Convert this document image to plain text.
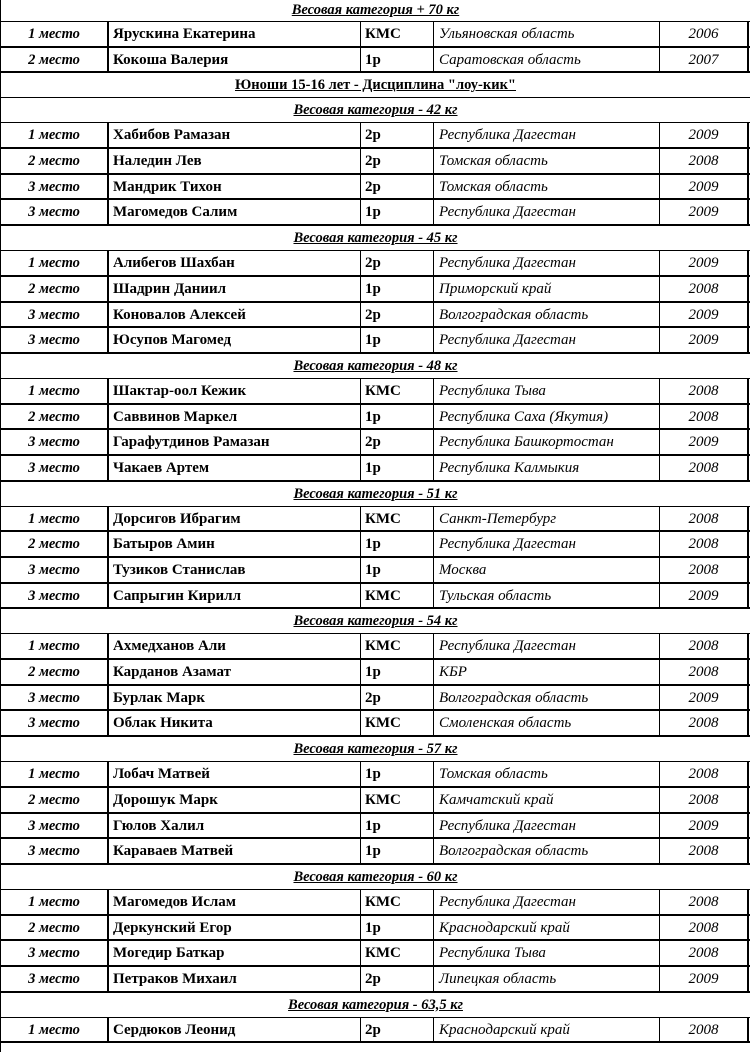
Весовая категория + 70 кг
1 место	Ярускина Екатерина	КМС	Ульяновская область	2006
2 место	Кокоша Валерия	1р	Саратовская область	2007
Юноши 15-16 лет - Дисциплина "лоу-кик"
Весовая категория - 42 кг
1 место	Хабибов Рамазан	2р	Республика Дагестан	2009
2 место	Наледин Лев	2р	Томская область	2008
3 место	Мандрик Тихон	2р	Томская область	2009
3 место	Магомедов Салим	1р	Республика Дагестан	2009
Весовая категория - 45 кг
1 место	Алибегов Шахбан	2р	Республика Дагестан	2009
2 место	Шадрин Даниил	1р	Приморский край	2008
3 место	Коновалов Алексей	2р	Волгоградская область	2009
3 место	Юсупов Магомед	1р	Республика Дагестан	2009
Весовая категория - 48 кг
1 место	Шактар-оол Кежик	КМС	Республика Тыва	2008
2 место	Саввинов Маркел	1р	Республика Саха (Якутия)	2008
3 место	Гарафутдинов Рамазан	2р	Республика Башкортостан	2009
3 место	Чакаев Артем	1р	Республика Калмыкия	2008
Весовая категория - 51 кг
1 место	Дорсигов Ибрагим	КМС	Санкт-Петербург	2008
2 место	Батыров Амин	1р	Республика Дагестан	2008
3 место	Тузиков Станислав	1р	Москва	2008
3 место	Сапрыгин Кирилл	КМС	Тульская область	2009
Весовая категория - 54 кг
1 место	Ахмедханов Али	КМС	Республика Дагестан	2008
2 место	Карданов Азамат	1р	КБР	2008
3 место	Бурлак Марк	2р	Волгоградская область	2009
3 место	Облак Никита	КМС	Смоленская область	2008
Весовая категория - 57 кг
1 место	Лобач Матвей	1р	Томская область	2008
2 место	Дорошук Марк	КМС	Камчатский край	2008
3 место	Гюлов Халил	1р	Республика Дагестан	2009
3 место	Караваев Матвей	1р	Волгоградская область	2008
Весовая категория - 60 кг
1 место	Магомедов Ислам	КМС	Республика Дагестан	2008
2 место	Деркунский Егор	1р	Краснодарский край	2008
3 место	Могедир Баткар	КМС	Республика Тыва	2008
3 место	Петраков Михаил	2р	Липецкая область	2009
Весовая категория - 63,5 кг
1 место	Сердюков Леонид	2р	Краснодарский край	2008
